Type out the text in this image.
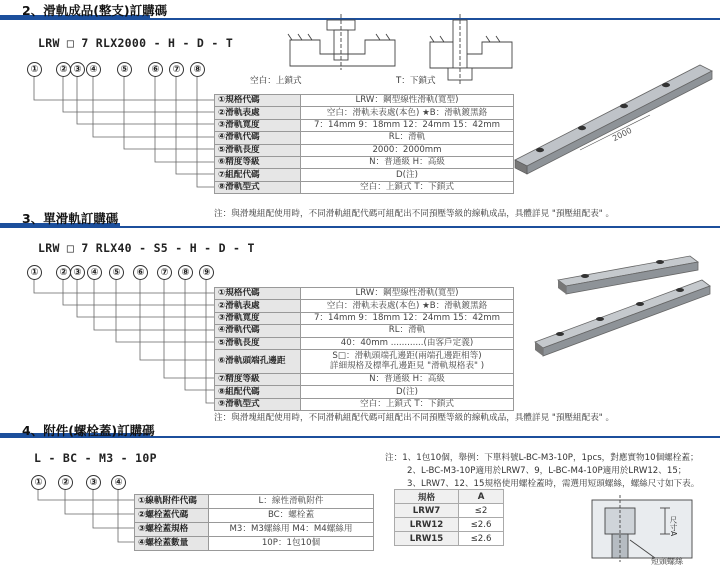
2、滑軌成品(整支)訂購碼
LRW □ 7 RLX2000 - H - D - T
①	② ③ ④	⑤	⑥	⑦	⑧
2000
空白：上鎖式	T：下鎖式
①規格代碼	LRW：鋼型線性滑軌(寬型)
②滑軌表處	空白：滑軌未表處(本色) ★B：滑軌鍍黑鉻
③滑軌寬度	7：14mm 9：18mm 12：24mm 15：42mm
④滑軌代碼	RL：滑軌
⑤滑軌長度	2000：2000mm
⑥精度等級	N：普通級 H：高級
⑦組配代碼	D(注)
⑧滑軌型式	空白：上鎖式 T：下鎖式
注：與滑塊組配使用時，不同滑軌組配代碼可組配出不同預壓等級的線軌成品，具體詳見 "預壓組配表" 。
3、單滑軌訂購碼
LRW □ 7 RLX40 - S5 - H - D - T
①	② ③ ④	⑤	⑥	⑦	⑧	⑨
①規格代碼	LRW：鋼型線性滑軌(寬型)
②滑軌表處	空白：滑軌未表處(本色) ★B：滑軌鍍黑鉻
③滑軌寬度	7：14mm 9：18mm 12：24mm 15：42mm
④滑軌代碼	RL：滑軌
⑤滑軌長度	40：40mm ............(由客戶定義)
⑥滑軌頭端孔邊距	S□：滑軌頭端孔邊距(兩端孔邊距相等)
詳細規格及標準孔邊距見 "滑軌規格表" )

⑦精度等級	N：普通級 H：高級
⑧組配代碼	D(注)
⑨滑軌型式	空白：上鎖式 T：下鎖式
注：與滑塊組配使用時，不同滑軌組配代碼可組配出不同預壓等級的線軌成品，具體詳見 "預壓組配表" 。
4、附件(螺栓蓋)訂購碼
L - BC - M3 - 10P
①	②	③	④
尺寸A
短頭螺絲
①線軌附件代碼	L：線性滑軌附件
②螺栓蓋代碼	BC：螺栓蓋
③螺栓蓋規格	M3：M3螺絲用 M4：M4螺絲用
④螺栓蓋數量	10P：1包10個
注：1、1包10個，舉例：下單料號L-BC-M3-10P，1pcs，對應實物10個螺栓蓋；
2、L-BC-M3-10P適用於LRW7、9，L-BC-M4-10P適用於LRW12、15；
3、LRW7、12、15規格使用螺栓蓋時，需選用短頭螺絲，螺絲尺寸如下表。
規格	A
LRW7	≤2
LRW12	≤2.6
LRW15	≤2.6
